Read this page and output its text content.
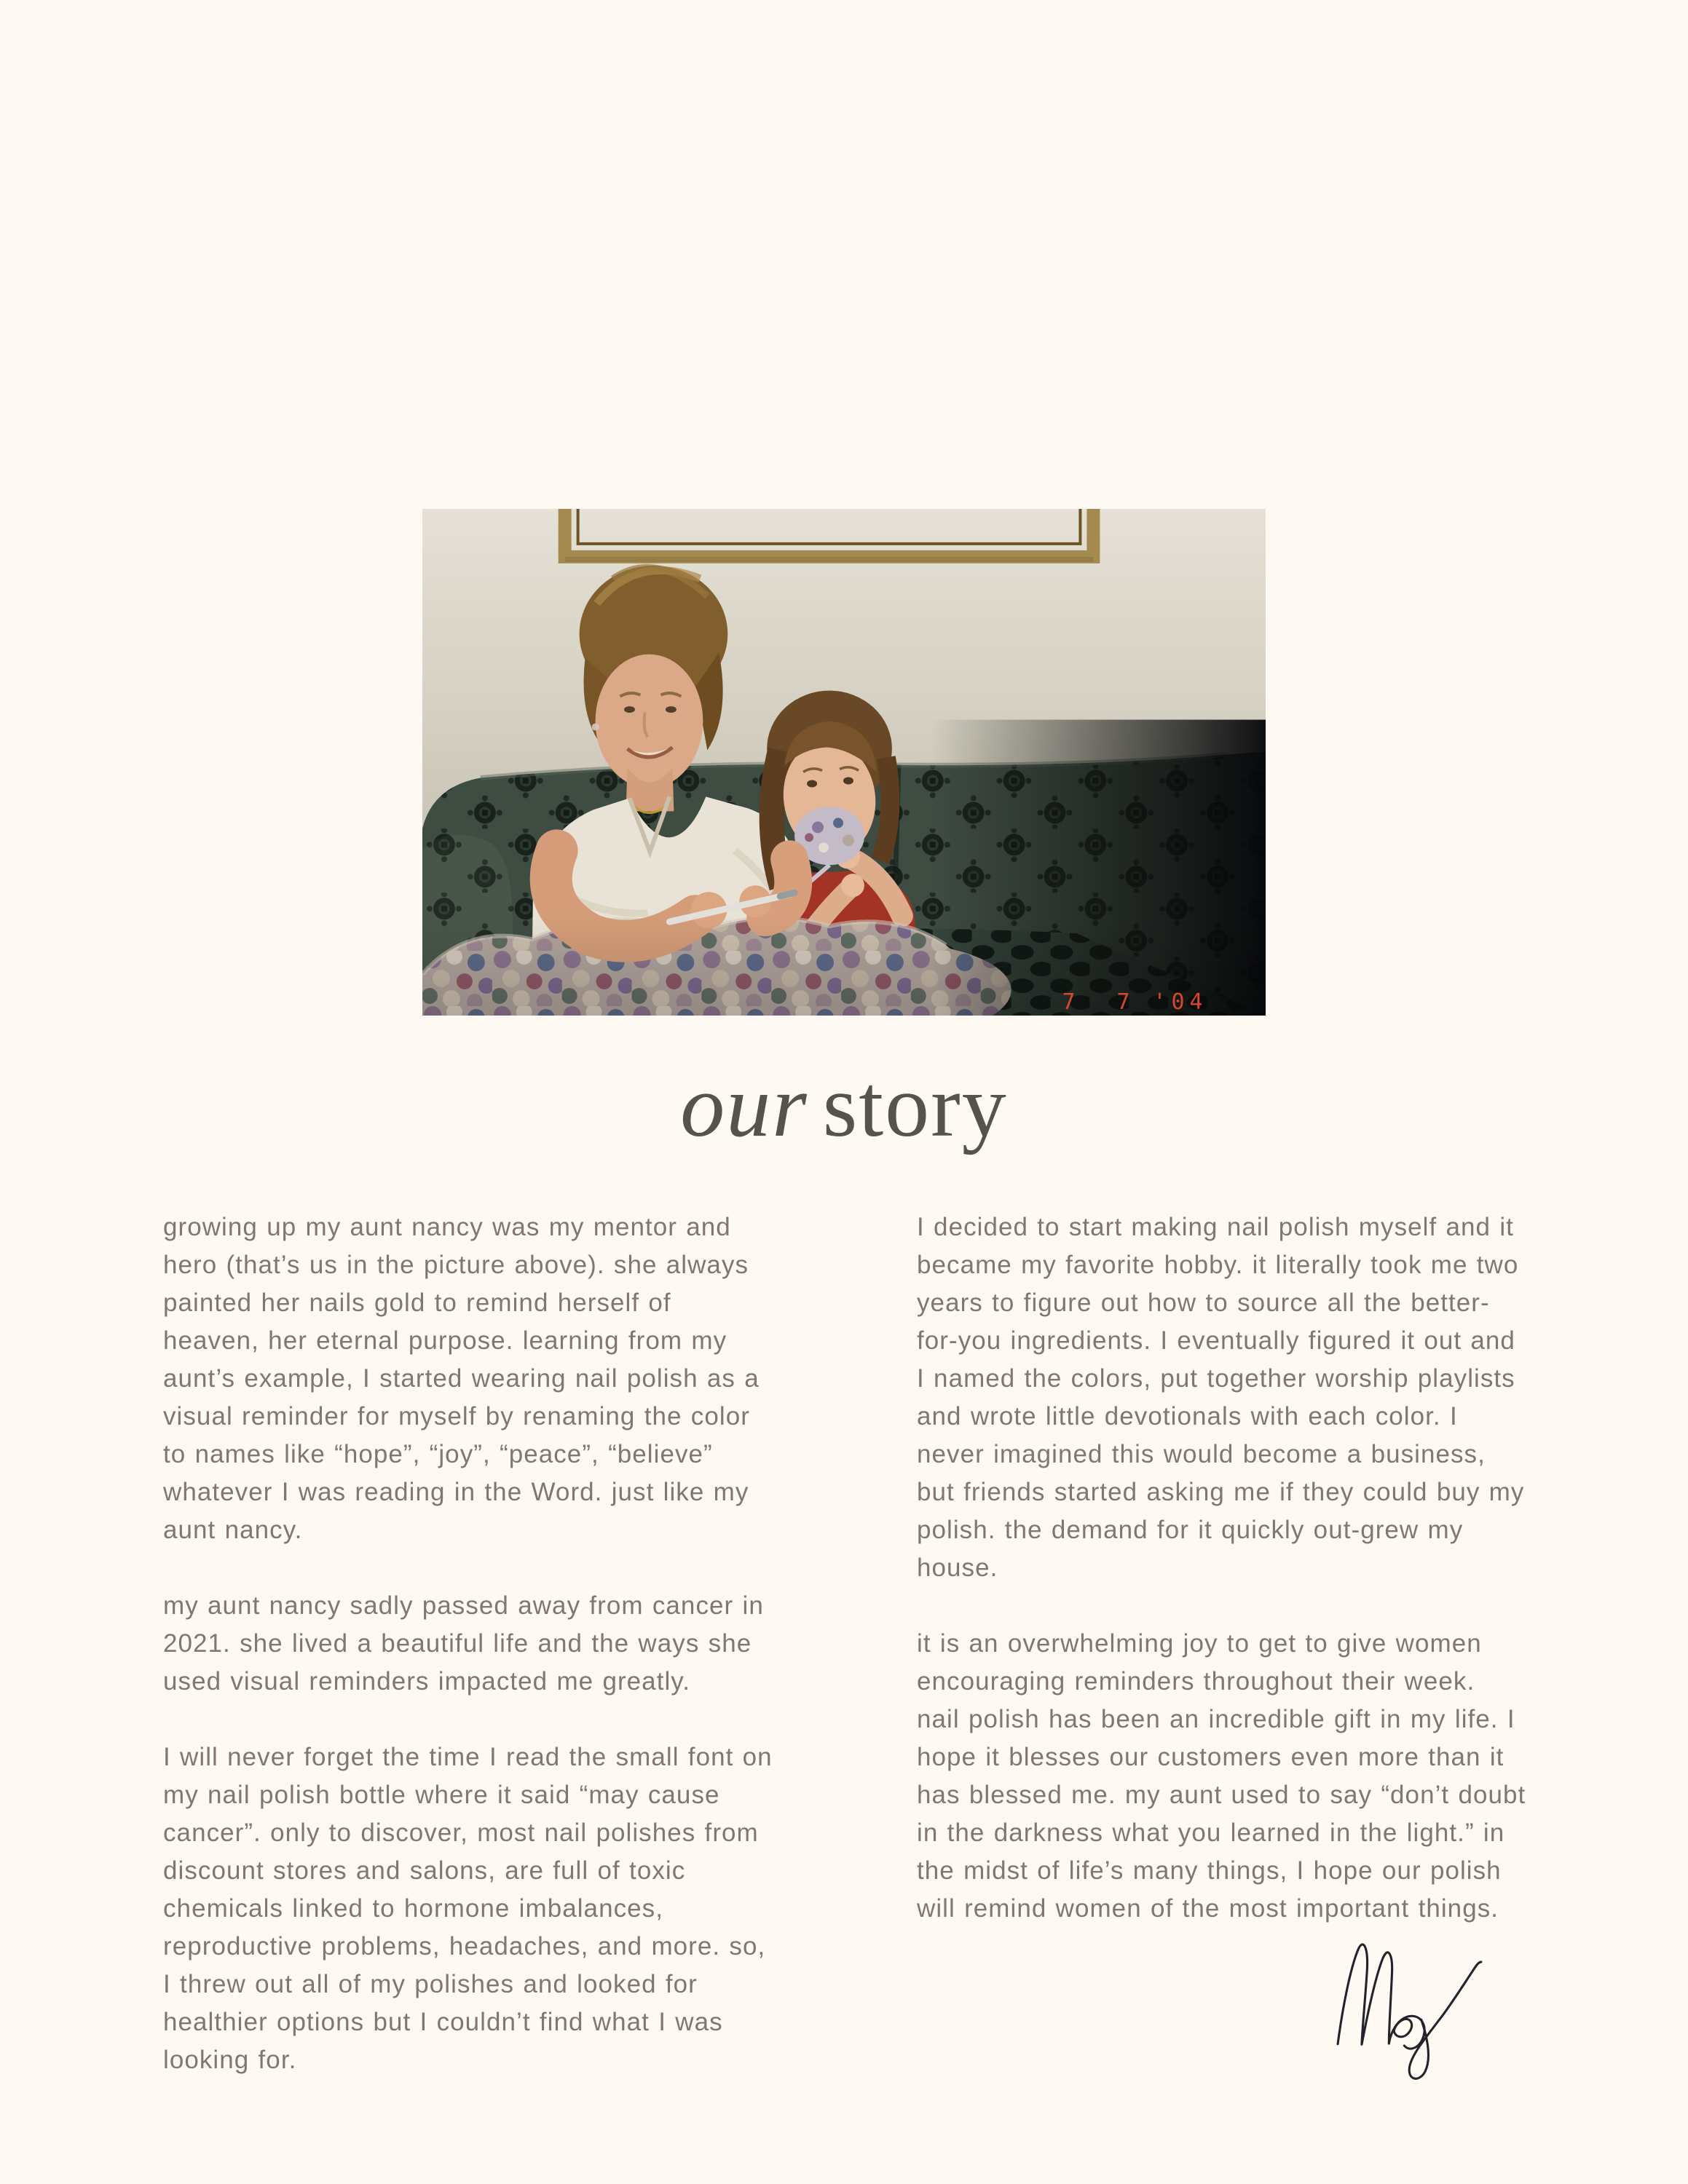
7  7 '04
our story

growing up my aunt nancy was my mentor and hero (that’s us in the picture above). she always painted her nails gold to remind herself of heaven, her eternal purpose. learning from my aunt’s example, I started wearing nail polish as a visual reminder for myself by renaming the color to names like “hope”, “joy”, “peace”, “believe” whatever I was reading in the Word. just like my aunt nancy.

my aunt nancy sadly passed away from cancer in 2021. she lived a beautiful life and the ways she used visual reminders impacted me greatly.

I will never forget the time I read the small font on my nail polish bottle where it said “may cause cancer”. only to discover, most nail polishes from discount stores and salons, are full of toxic chemicals linked to hormone imbalances, reproductive problems, headaches, and more. so, I threw out all of my polishes and looked for healthier options but I couldn’t find what I was looking for.

I decided to start making nail polish myself and it became my favorite hobby. it literally took me two years to figure out how to source all the better-for-you ingredients. I eventually figured it out and I named the colors, put together worship playlists and wrote little devotionals with each color. I never imagined this would become a business, but friends started asking me if they could buy my polish. the demand for it quickly out-grew my house.

it is an overwhelming joy to get to give women encouraging reminders throughout their week. nail polish has been an incredible gift in my life. I hope it blesses our customers even more than it has blessed me. my aunt used to say “don’t doubt in the darkness what you learned in the light.” in the midst of life’s many things, I hope our polish will remind women of the most important things.
